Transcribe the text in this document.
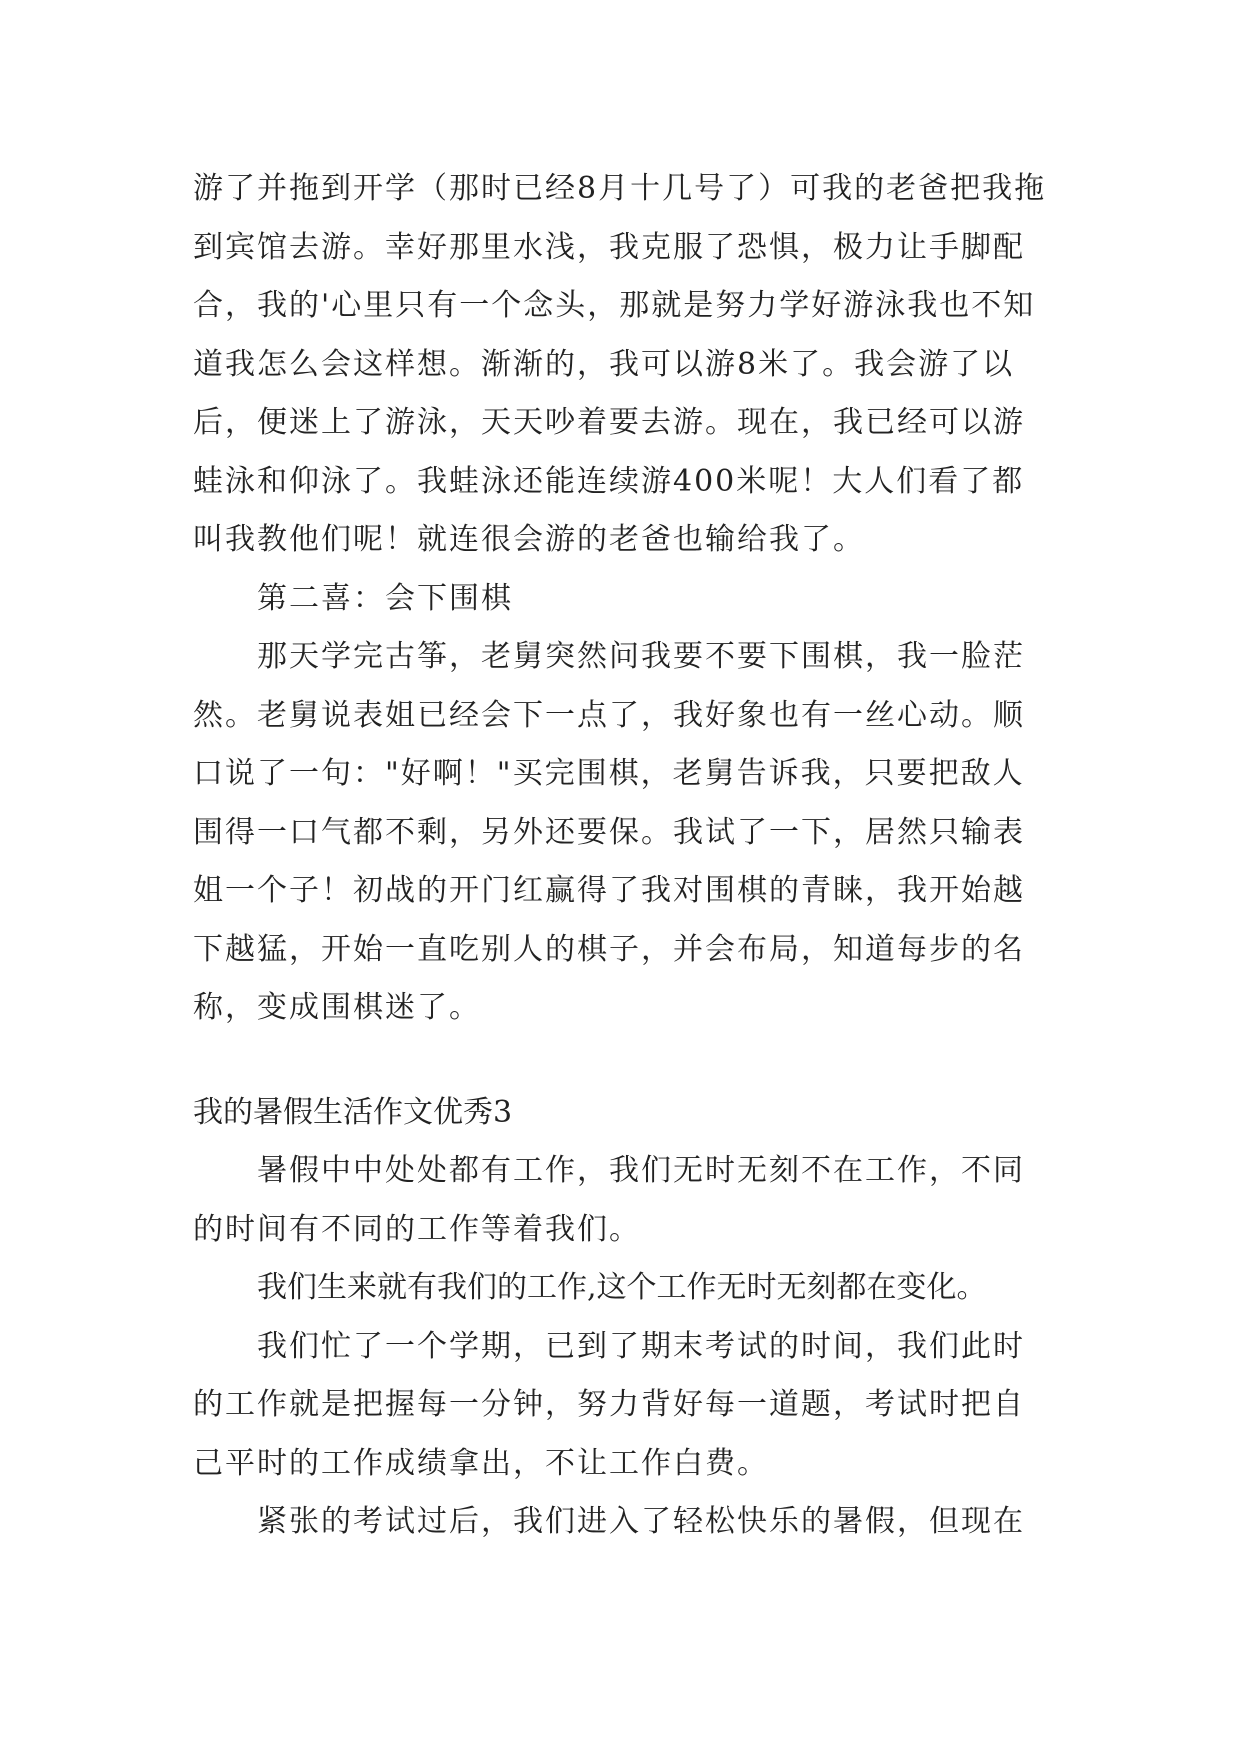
游了并拖到开学（那时已经8月十几号了）可我的老爸把我拖到宾馆去游。幸好那里水浅，我克服了恐惧，极力让手脚配合，我的'心里只有一个念头，那就是努力学好游泳我也不知道我怎么会这样想。渐渐的，我可以游8米了。我会游了以后，便迷上了游泳，天天吵着要去游。现在，我已经可以游蛙泳和仰泳了。我蛙泳还能连续游400米呢！大人们看了都叫我教他们呢！就连很会游的老爸也输给我了。

第二喜：会下围棋

那天学完古筝，老舅突然问我要不要下围棋，我一脸茫然。老舅说表姐已经会下一点了，我好象也有一丝心动。顺口说了一句："好啊！"买完围棋，老舅告诉我，只要把敌人围得一口气都不剩，另外还要保。我试了一下，居然只输表姐一个子！初战的开门红赢得了我对围棋的青睐，我开始越下越猛，开始一直吃别人的棋子，并会布局，知道每步的名称，变成围棋迷了。

我的暑假生活作文优秀3

暑假中中处处都有工作，我们无时无刻不在工作，不同的时间有不同的工作等着我们。

我们生来就有我们的工作,这个工作无时无刻都在变化。

我们忙了一个学期，已到了期末考试的时间，我们此时的工作就是把握每一分钟，努力背好每一道题，考试时把自己平时的工作成绩拿出，不让工作白费。

紧张的考试过后，我们进入了轻松快乐的暑假，但现在
